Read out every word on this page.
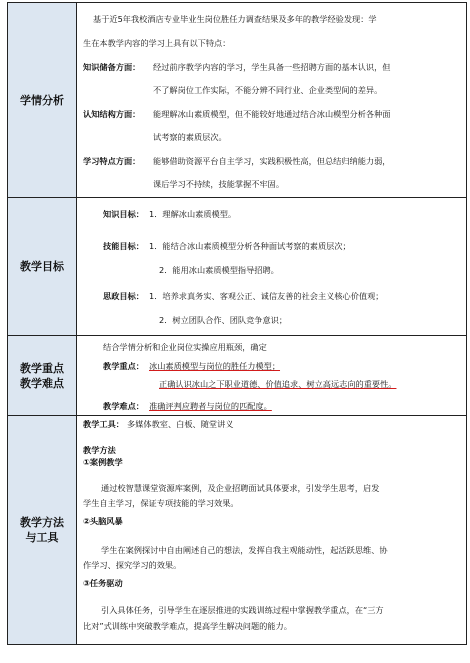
学情分析
基于近5年我校酒店专业毕业生岗位胜任力调查结果及多年的教学经验发现：学
生在本教学内容的学习上具有以下特点：
知识储备方面： 经过前序教学内容的学习，学生具备一些招聘方面的基本认识，但
不了解岗位工作实际，不能分辨不同行业、企业类型间的差异。
认知结构方面： 能理解冰山素质模型，但不能较好地通过结合冰山模型分析各种面
试考察的素质层次。
学习特点方面： 能够借助资源平台自主学习，实践积极性高，但总结归纳能力弱，
课后学习不持续，技能掌握不牢固。
教学目标
知识目标： 1．理解冰山素质模型。
技能目标： 1．能结合冰山素质模型分析各种面试考察的素质层次；
2．能用冰山素质模型指导招聘。
思政目标： 1．培养求真务实、客观公正、诚信友善的社会主义核心价值观；
2．树立团队合作、团队竞争意识；
教学重点
教学难点
结合学情分析和企业岗位实操应用瓶颈，确定
教学重点： 冰山素质模型与岗位的胜任力模型；
正确认识冰山之下职业道德、价值追求、树立高远志向的重要性。
教学难点： 准确评判应聘者与岗位的匹配度。
教学方法
与工具
教学工具： 多媒体教室、白板、随堂讲义
教学方法
①案例教学
通过校智慧课堂资源库案例，及企业招聘面试具体要求，引发学生思考，启发
学生自主学习，保证专项技能的学习效果。
②头脑风暴
学生在案例探讨中自由阐述自己的想法，发挥自我主观能动性，起活跃思维、协
作学习、探究学习的效果。
③任务驱动
引入具体任务，引导学生在逐层推进的实践训练过程中掌握教学重点，在“三方
比对”式训练中突破教学难点，提高学生解决问题的能力。
